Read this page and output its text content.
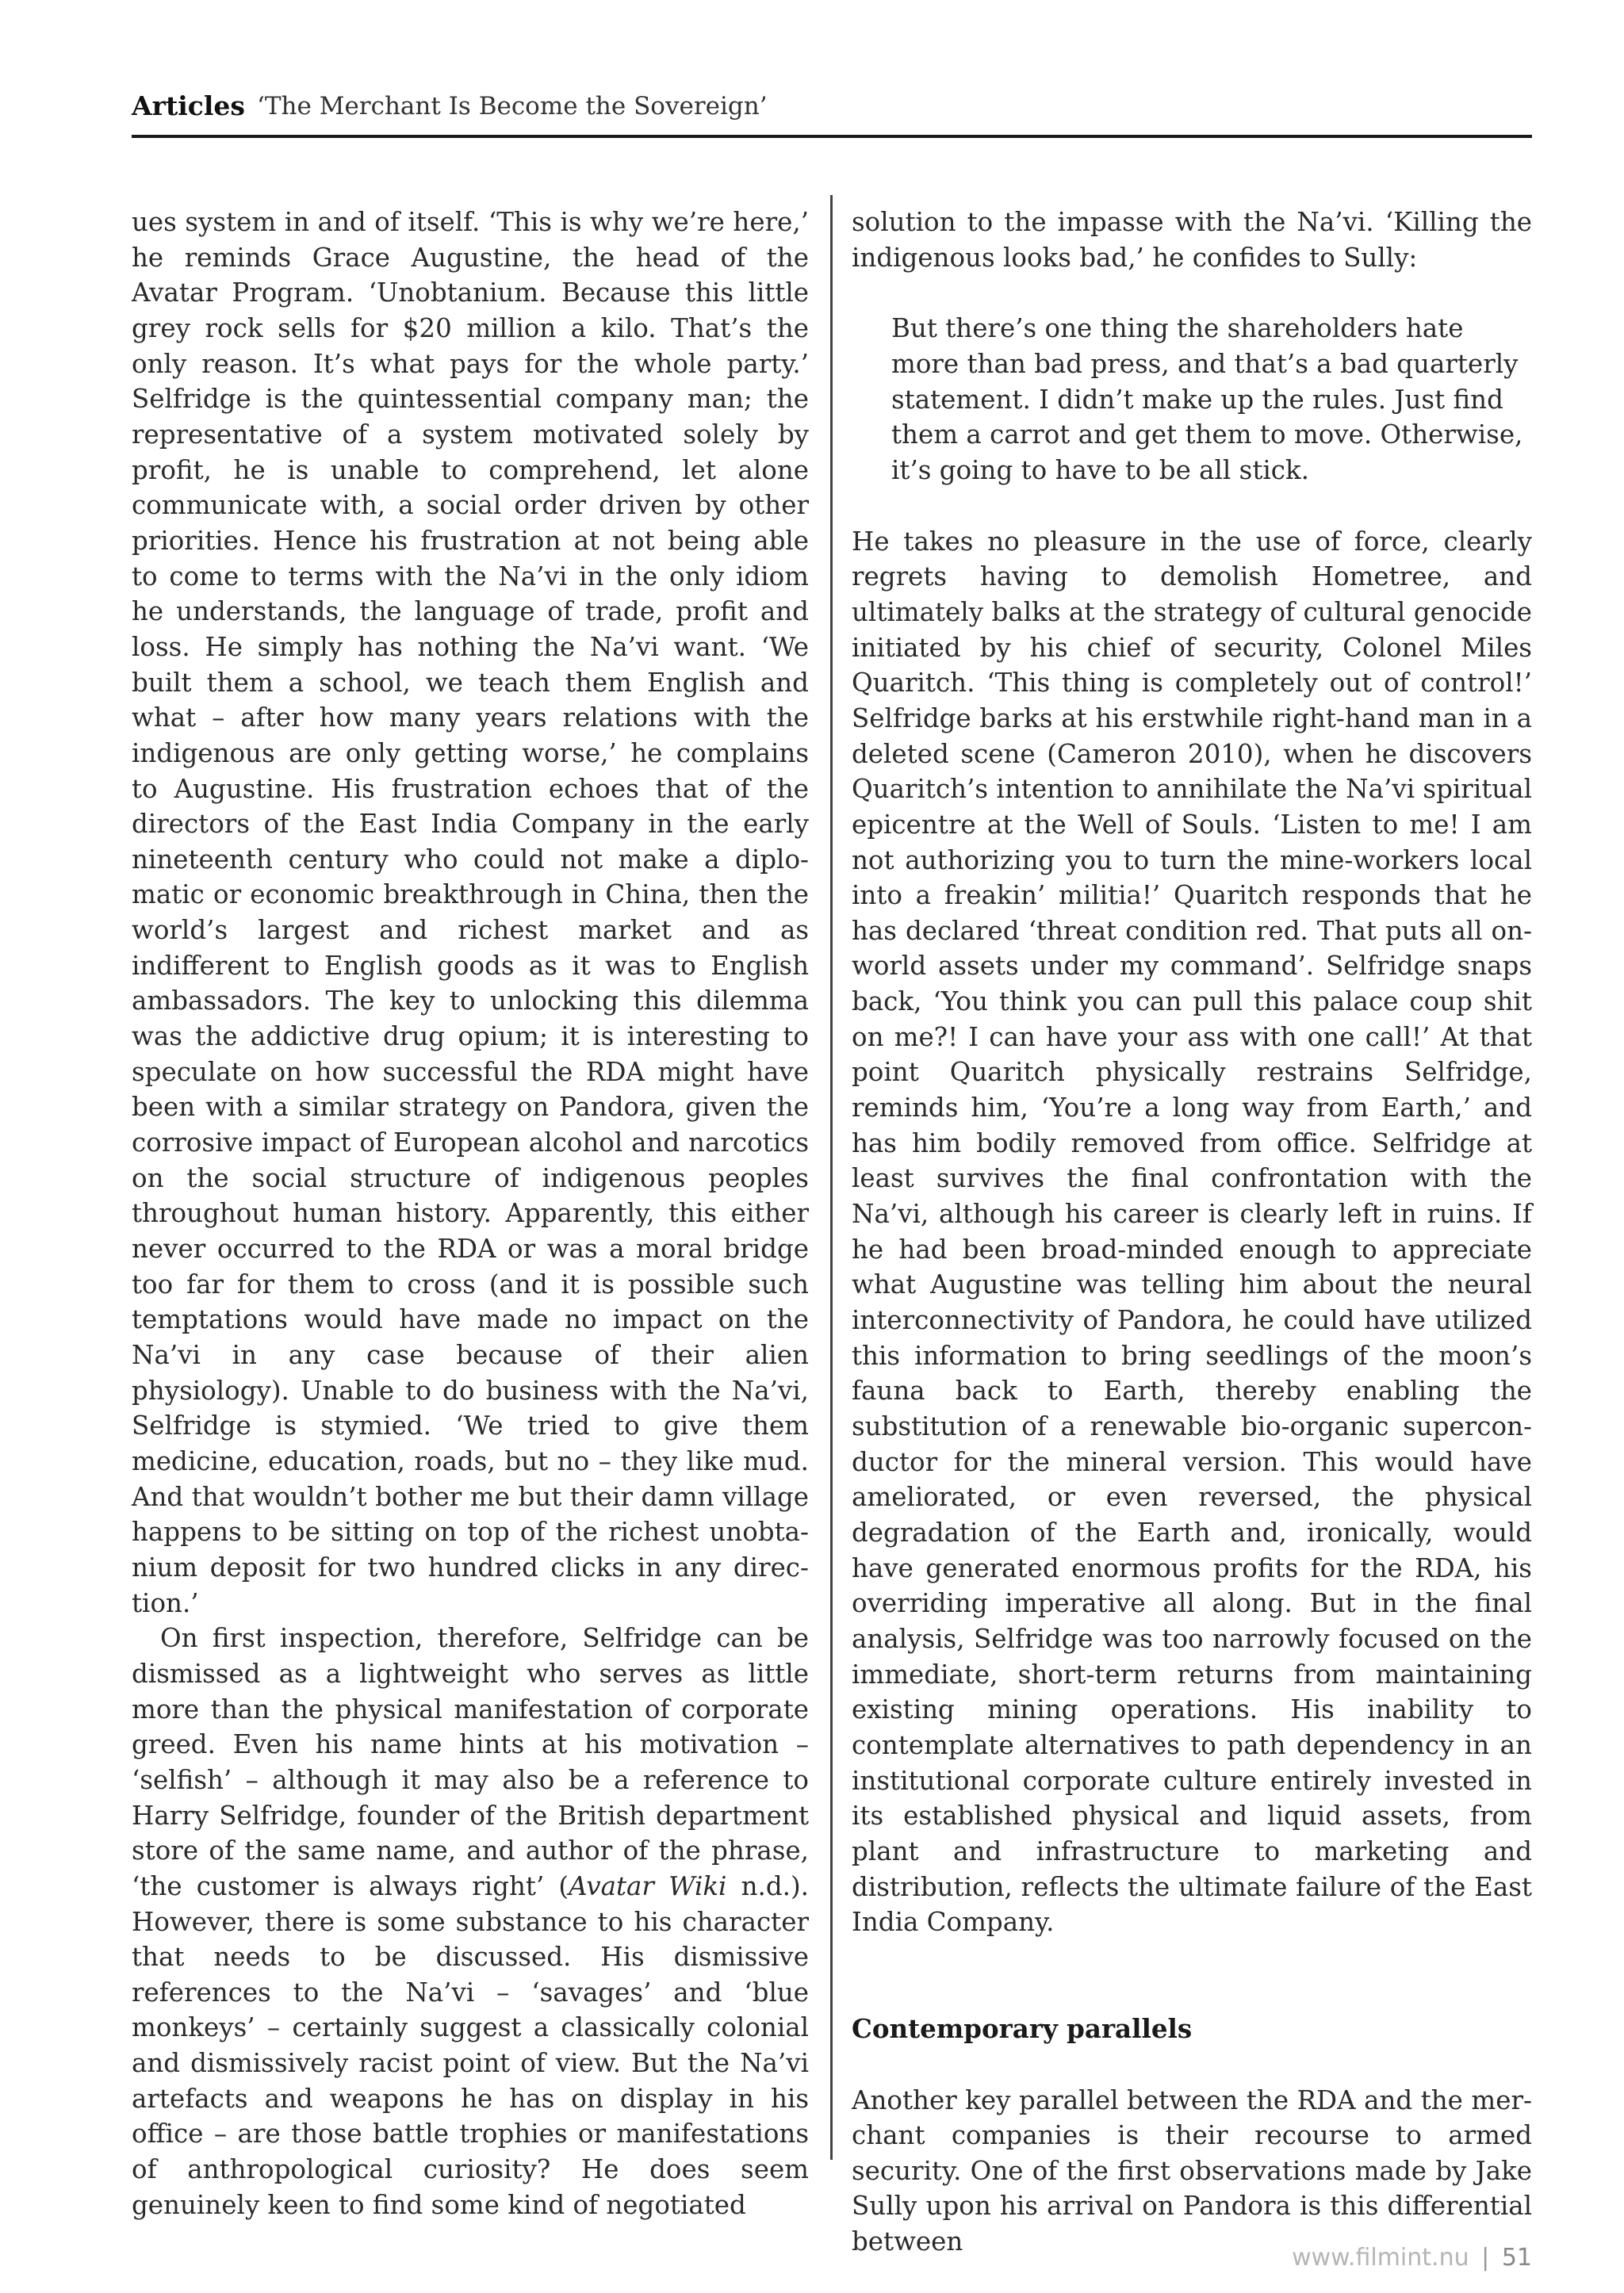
Articles ‘The Merchant Is Become the Sovereign’

ues system in and of itself. ‘This is why we’re here,’ he reminds Grace Augustine, the head of the Avatar Program. ‘Unobtanium. Because this little grey rock sells for $20 million a kilo. That’s the only reason. It’s what pays for the whole party.’ Selfridge is the quintessential company man; the representative of a system motivated solely by profit, he is unable to comprehend, let alone communicate with, a social order driven by other priorities. Hence his frustration at not being able to come to terms with the Na’vi in the only idiom he understands, the language of trade, profit and loss. He simply has nothing the Na’vi want. ‘We built them a school, we teach them English and what – after how many years relations with the indigenous are only getting worse,’ he complains to Augustine. His frustration echoes that of the directors of the East India Company in the early nineteenth century who could not make a diplomatic or economic breakthrough in China, then the world’s largest and richest market and as indifferent to English goods as it was to English ambassadors. The key to unlocking this dilemma was the addictive drug opium; it is interesting to speculate on how successful the RDA might have been with a similar strategy on Pandora, given the corrosive impact of European alcohol and narcotics on the social structure of indigenous peoples throughout human history. Apparently, this either never occurred to the RDA or was a moral bridge too far for them to cross (and it is possible such temptations would have made no impact on the Na’vi in any case because of their alien physiology). Unable to do business with the Na’vi, Selfridge is stymied. ‘We tried to give them medicine, education, roads, but no – they like mud. And that wouldn’t bother me but their damn village happens to be sitting on top of the richest unobtanium deposit for two hundred clicks in any direction.’

On first inspection, therefore, Selfridge can be dismissed as a lightweight who serves as little more than the physical manifestation of corporate greed. Even his name hints at his motivation – ‘selfish’ – although it may also be a reference to Harry Selfridge, founder of the British department store of the same name, and author of the phrase, ‘the customer is always right’ (Avatar Wiki n.d.). However, there is some substance to his character that needs to be discussed. His dismissive references to the Na’vi – ‘savages’ and ‘blue monkeys’ – certainly suggest a classically colonial and dismissively racist point of view. But the Na’vi artefacts and weapons he has on display in his office – are those battle trophies or manifestations of anthropological curiosity? He does seem genuinely keen to find some kind of negotiated

solution to the impasse with the Na’vi. ‘Killing the indigenous looks bad,’ he confides to Sully:

But there’s one thing the shareholders hate more than bad press, and that’s a bad quarterly statement. I didn’t make up the rules. Just find them a carrot and get them to move. Otherwise, it’s going to have to be all stick.

He takes no pleasure in the use of force, clearly regrets having to demolish Hometree, and ultimately balks at the strategy of cultural genocide initiated by his chief of security, Colonel Miles Quaritch. ‘This thing is completely out of control!’ Selfridge barks at his erstwhile right-hand man in a deleted scene (Cameron 2010), when he discovers Quaritch’s intention to annihilate the Na’vi spiritual epicentre at the Well of Souls. ‘Listen to me! I am not authorizing you to turn the mine-workers local into a freakin’ militia!’ Quaritch responds that he has declared ‘threat condition red. That puts all on-world assets under my command’. Selfridge snaps back, ‘You think you can pull this palace coup shit on me?! I can have your ass with one call!’ At that point Quaritch physically restrains Selfridge, reminds him, ‘You’re a long way from Earth,’ and has him bodily removed from office. Selfridge at least survives the final confrontation with the Na’vi, although his career is clearly left in ruins. If he had been broad-minded enough to appreciate what Augustine was telling him about the neural interconnectivity of Pandora, he could have utilized this information to bring seedlings of the moon’s fauna back to Earth, thereby enabling the substitution of a renewable bio-organic superconductor for the mineral version. This would have ameliorated, or even reversed, the physical degradation of the Earth and, ironically, would have generated enormous profits for the RDA, his overriding imperative all along. But in the final analysis, Selfridge was too narrowly focused on the immediate, short-term returns from maintaining existing mining operations. His inability to contemplate alternatives to path dependency in an institutional corporate culture entirely invested in its established physical and liquid assets, from plant and infrastructure to marketing and distribution, reflects the ultimate failure of the East India Company.

Contemporary parallels

Another key parallel between the RDA and the merchant companies is their recourse to armed security. One of the first observations made by Jake Sully upon his arrival on Pandora is this differential between

www.filmint.nu | 51
